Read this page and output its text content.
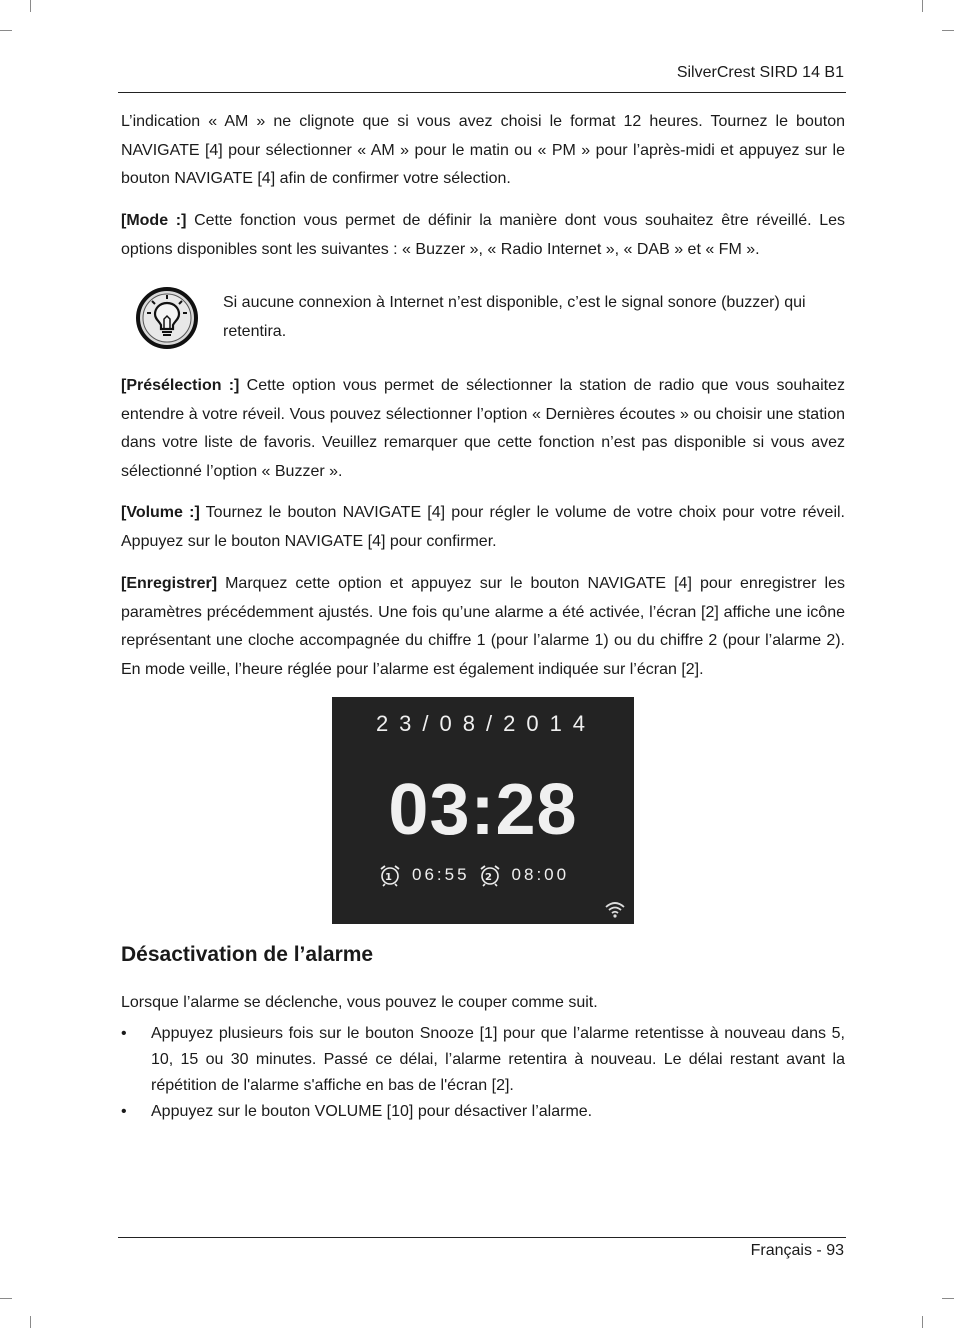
SilverCrest SIRD 14 B1

L’indication « AM » ne clignote que si vous avez choisi le format 12 heures. Tournez le bouton NAVIGATE [4] pour sélectionner « AM » pour le matin ou « PM » pour l’après-midi et appuyez sur le bouton NAVIGATE [4] afin de confirmer votre sélection.

[Mode :] Cette fonction vous permet de définir la manière dont vous souhaitez être réveillé. Les options disponibles sont les suivantes : « Buzzer », « Radio Internet », « DAB » et « FM ».

Si aucune connexion à Internet n’est disponible, c’est le signal sonore (buzzer) qui retentira.

[Présélection :] Cette option vous permet de sélectionner la station de radio que vous souhaitez entendre à votre réveil. Vous pouvez sélectionner l’option « Dernières écoutes » ou choisir une station dans votre liste de favoris. Veuillez remarquer que cette fonction n’est pas disponible si vous avez sélectionné l’option « Buzzer ».

[Volume :] Tournez le bouton NAVIGATE [4] pour régler le volume de votre choix pour votre réveil. Appuyez sur le bouton NAVIGATE [4] pour confirmer.

[Enregistrer] Marquez cette option et appuyez sur le bouton NAVIGATE [4] pour enregistrer les paramètres précédemment ajustés. Une fois qu’une alarme a été activée, l’écran [2] affiche une icône représentant une cloche accompagnée du chiffre 1 (pour l’alarme 1) ou du chiffre 2 (pour l’alarme 2). En mode veille, l’heure réglée pour l’alarme est également indiquée sur l’écran [2].

23/08/2014
03:28
1 06:55 2 08:00
Désactivation de l’alarme

Lorsque l’alarme se déclenche, vous pouvez le couper comme suit.

• Appuyez plusieurs fois sur le bouton Snooze [1] pour que l’alarme retentisse à nouveau dans 5, 10, 15 ou 30 minutes. Passé ce délai, l’alarme retentira à nouveau. Le délai restant avant la répétition de l'alarme s'affiche en bas de l'écran [2].
• Appuyez sur le bouton VOLUME [10] pour désactiver l’alarme.
Français - 93
